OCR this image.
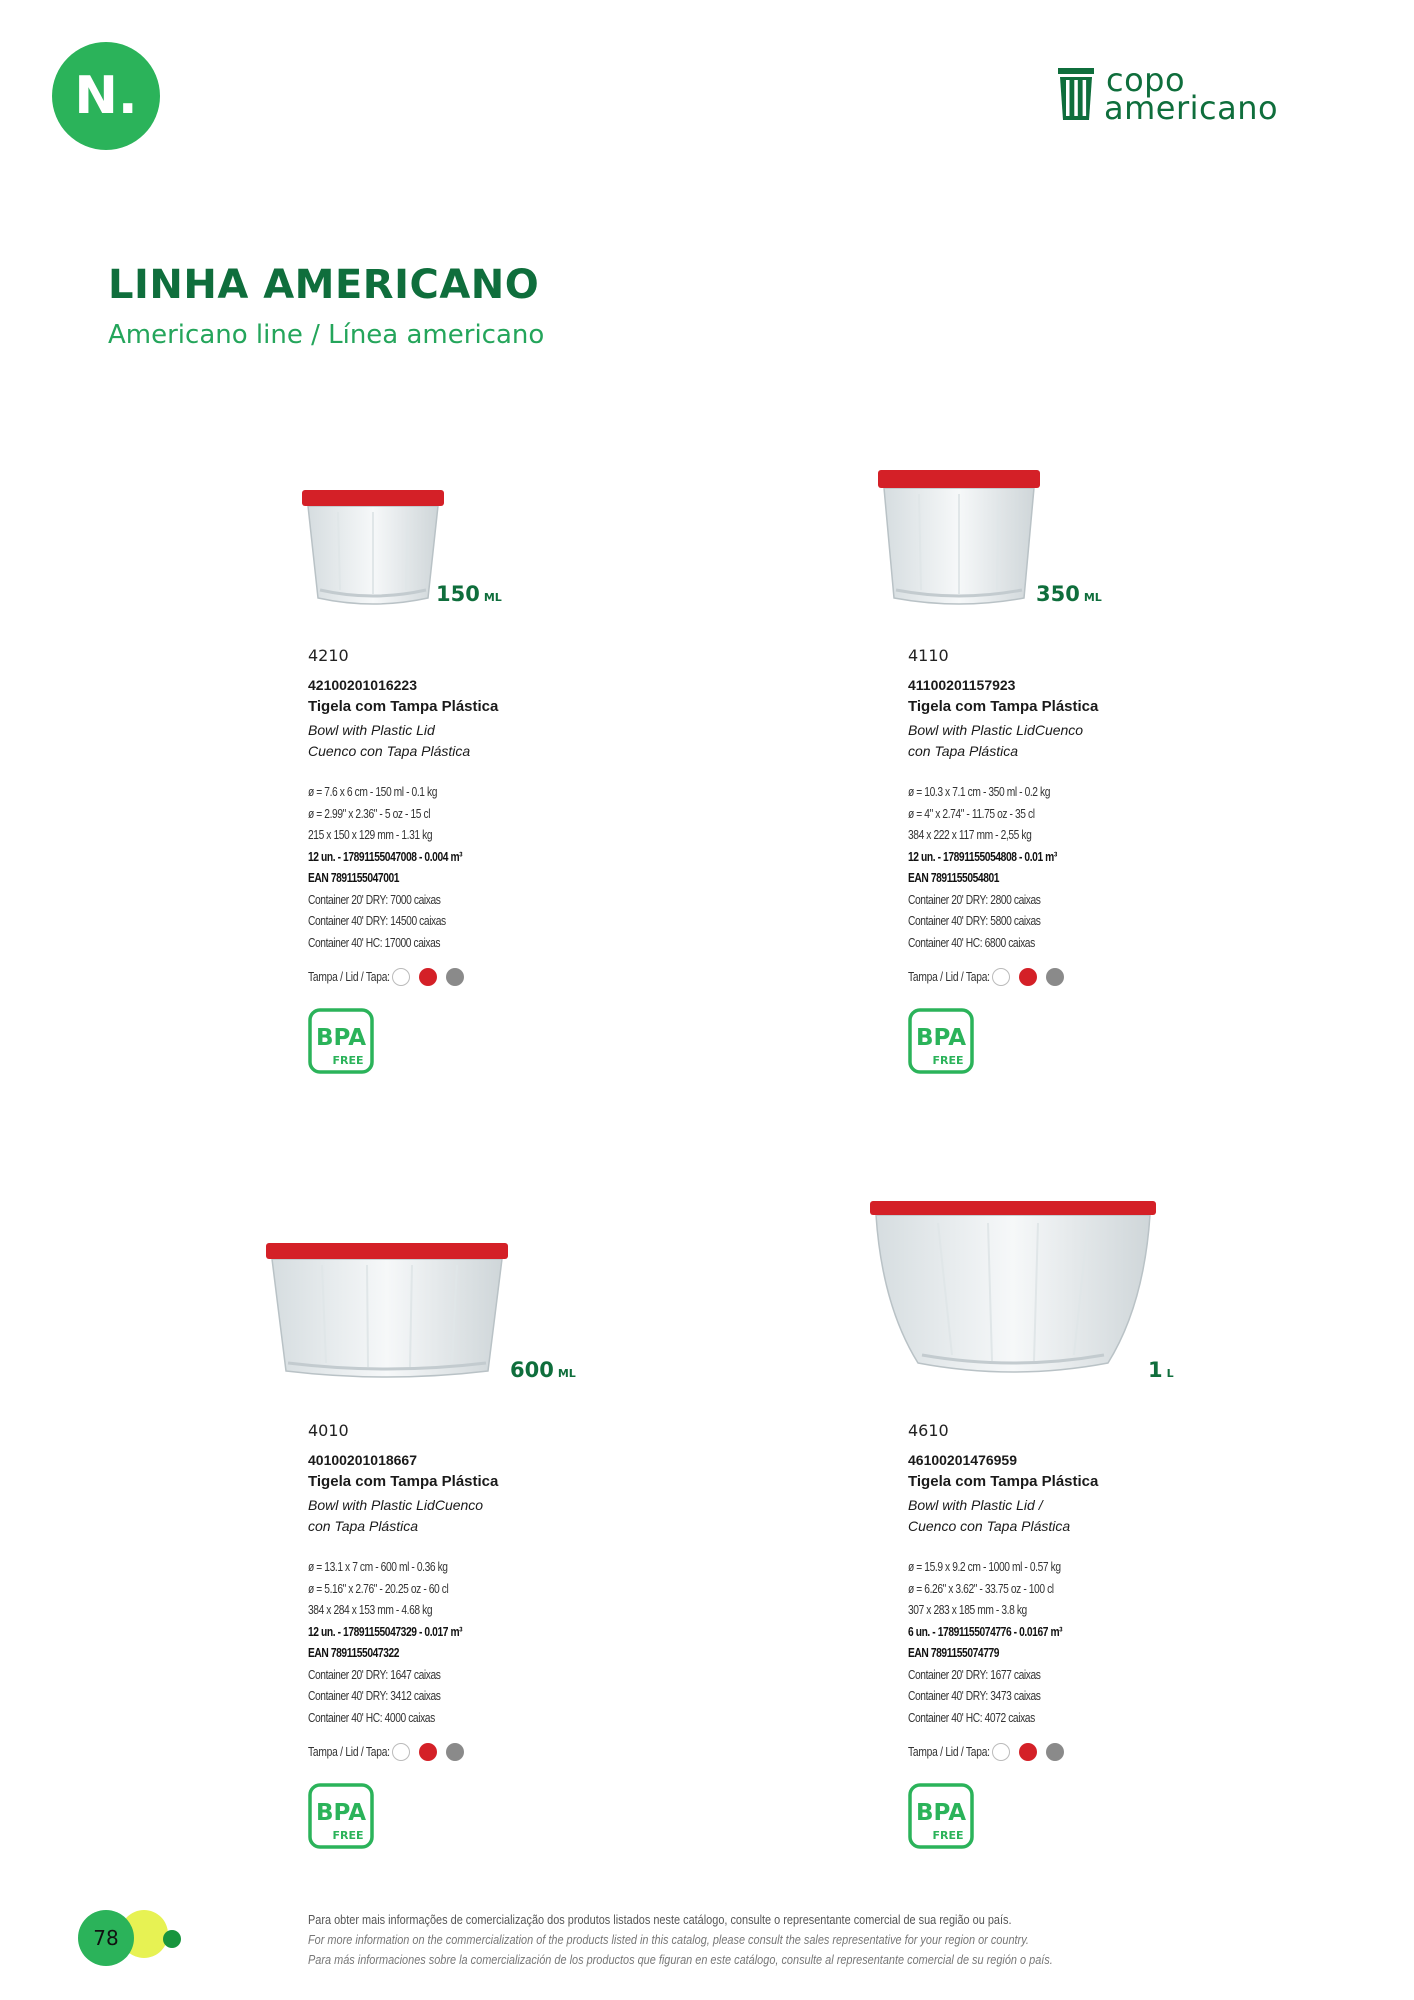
N.	copo
americano
LINHA AMERICANO
Americano line / Línea americano
150 ML
4210
42100201016223
Tigela com Tampa Plástica
Bowl with Plastic Lid
Cuenco con Tapa Plástica
ø = 7.6 x 6 cm - 150 ml - 0.1 kg
ø = 2.99" x 2.36" - 5 oz - 15 cl
215 x 150 x 129 mm - 1.31 kg
12 un. - 17891155047008 - 0.004 m³
EAN 7891155047001
Container 20' DRY: 7000 caixas
Container 40' DRY: 14500 caixas
Container 40' HC: 17000 caixas
Tampa / Lid / Tapa:
BPA
FREE
350 ML
4110
41100201157923
Tigela com Tampa Plástica
Bowl with Plastic LidCuenco
con Tapa Plástica
ø = 10.3 x 7.1 cm - 350 ml - 0.2 kg
ø = 4" x 2.74" - 11.75 oz - 35 cl
384 x 222 x 117 mm - 2,55 kg
12 un. - 17891155054808 - 0.01 m³
EAN 7891155054801
Container 20' DRY: 2800 caixas
Container 40' DRY: 5800 caixas
Container 40' HC: 6800 caixas
Tampa / Lid / Tapa:
BPA
FREE
600 ML
4010
40100201018667
Tigela com Tampa Plástica
Bowl with Plastic LidCuenco
con Tapa Plástica
ø = 13.1 x 7 cm - 600 ml - 0.36 kg
ø = 5.16" x 2.76" - 20.25 oz - 60 cl
384 x 284 x 153 mm - 4.68 kg
12 un. - 17891155047329 - 0.017 m³
EAN 7891155047322
Container 20' DRY: 1647 caixas
Container 40' DRY: 3412 caixas
Container 40' HC: 4000 caixas
Tampa / Lid / Tapa:
BPA
FREE
1 L
4610
46100201476959
Tigela com Tampa Plástica
Bowl with Plastic Lid /
Cuenco con Tapa Plástica
ø = 15.9 x 9.2 cm - 1000 ml - 0.57 kg
ø = 6.26" x 3.62" - 33.75 oz - 100 cl
307 x 283 x 185 mm - 3.8 kg
6 un. - 17891155074776 - 0.0167 m³
EAN 7891155074779
Container 20' DRY: 1677 caixas
Container 40' DRY: 3473 caixas
Container 40' HC: 4072 caixas
Tampa / Lid / Tapa:
BPA
FREE
78
Para obter mais informações de comercialização dos produtos listados neste catálogo, consulte o representante comercial de sua região ou país.
For more information on the commercialization of the products listed in this catalog, please consult the sales representative for your region or country.
Para más informaciones sobre la comercialización de los productos que figuran en este catálogo, consulte al representante comercial de su región o país.
